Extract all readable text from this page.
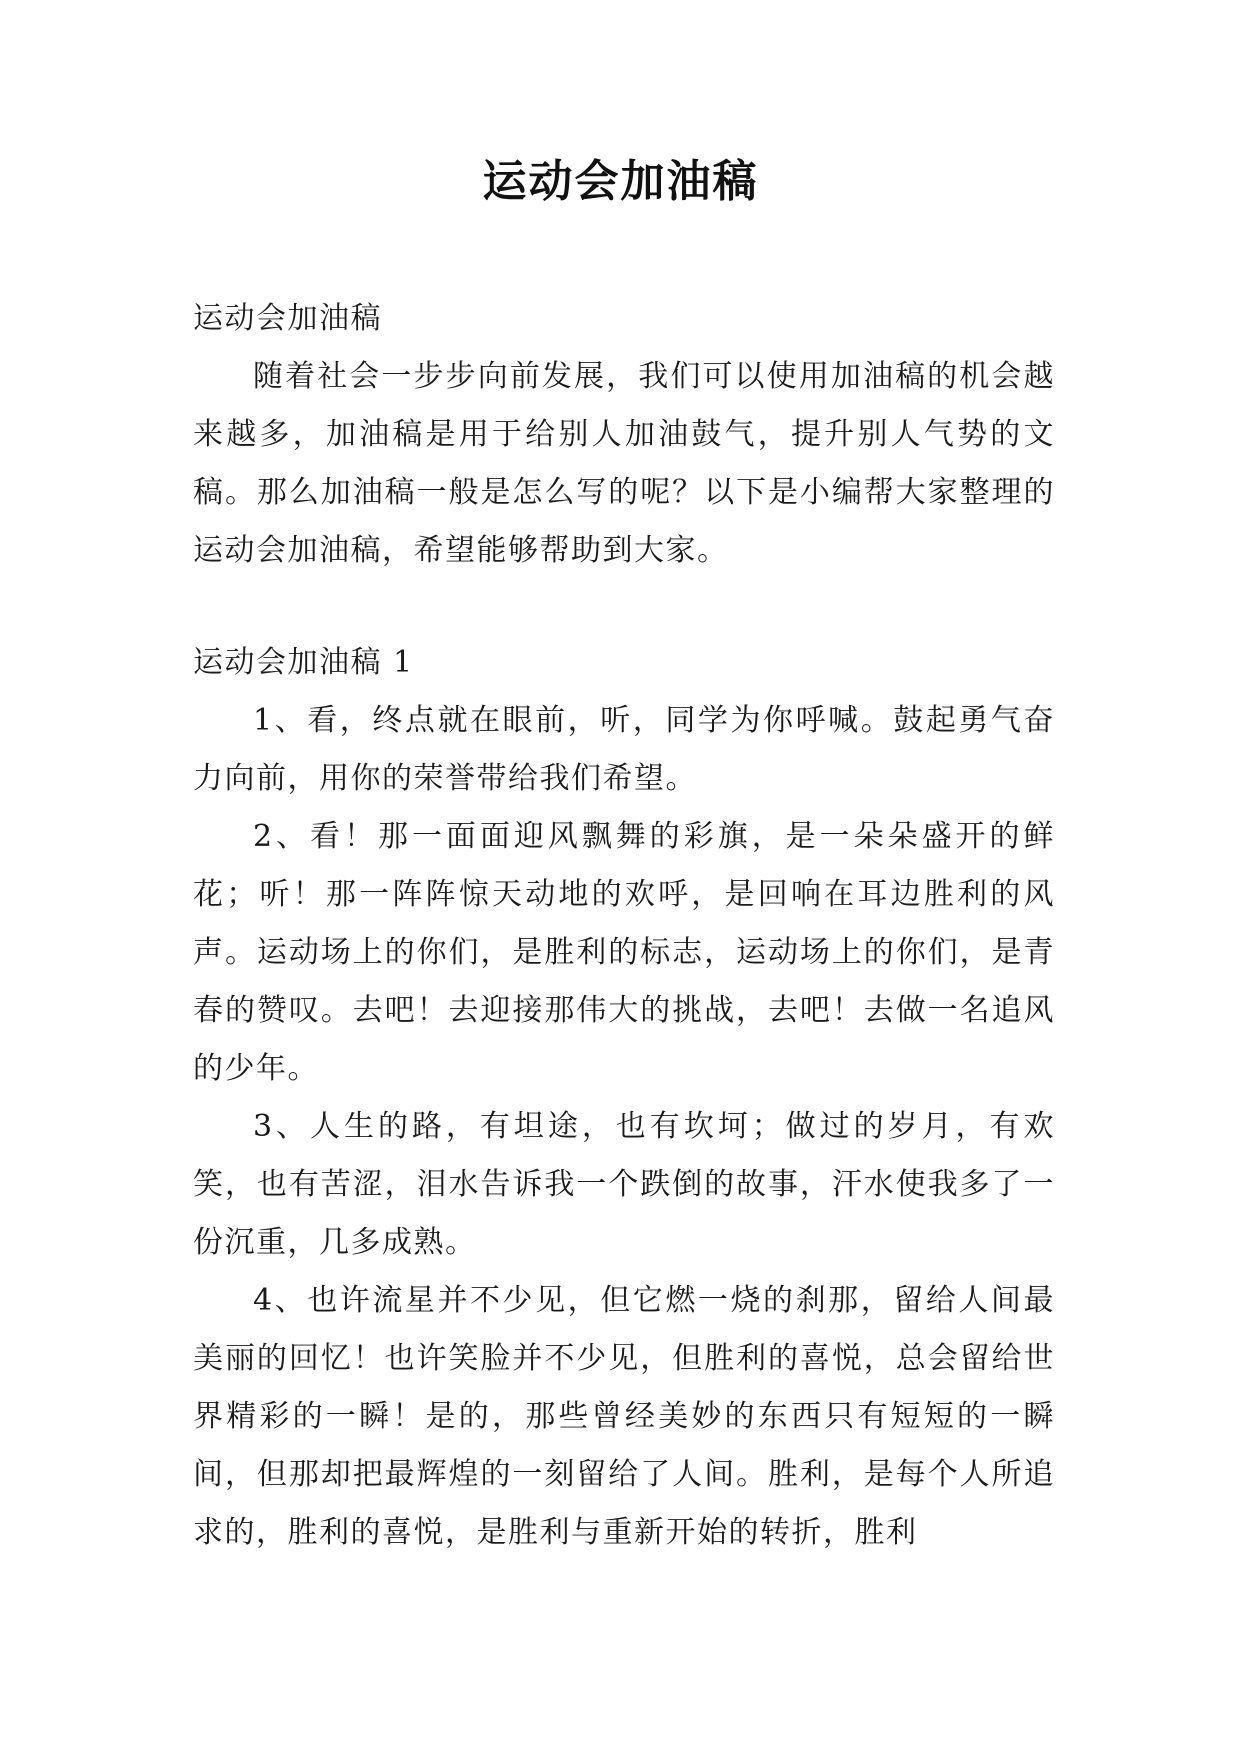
运动会加油稿

运动会加油稿

随着社会一步步向前发展，我们可以使用加油稿的机会越来越多，加油稿是用于给别人加油鼓气，提升别人气势的文稿。那么加油稿一般是怎么写的呢？以下是小编帮大家整理的运动会加油稿，希望能够帮助到大家。

运动会加油稿 1

1、看，终点就在眼前，听，同学为你呼喊。鼓起勇气奋力向前，用你的荣誉带给我们希望。

2、看！那一面面迎风飘舞的彩旗，是一朵朵盛开的鲜花；听！那一阵阵惊天动地的欢呼，是回响在耳边胜利的风声。运动场上的你们，是胜利的标志，运动场上的你们，是青春的赞叹。去吧！去迎接那伟大的挑战，去吧！去做一名追风的少年。

3、人生的路，有坦途，也有坎坷；做过的岁月，有欢笑，也有苦涩，泪水告诉我一个跌倒的故事，汗水使我多了一份沉重，几多成熟。

4、也许流星并不少见，但它燃一烧的刹那，留给人间最美丽的回忆！也许笑脸并不少见，但胜利的喜悦，总会留给世界精彩的一瞬！是的，那些曾经美妙的东西只有短短的一瞬间，但那却把最辉煌的一刻留给了人间。胜利，是每个人所追求的，胜利的喜悦，是胜利与重新开始的转折，胜利
